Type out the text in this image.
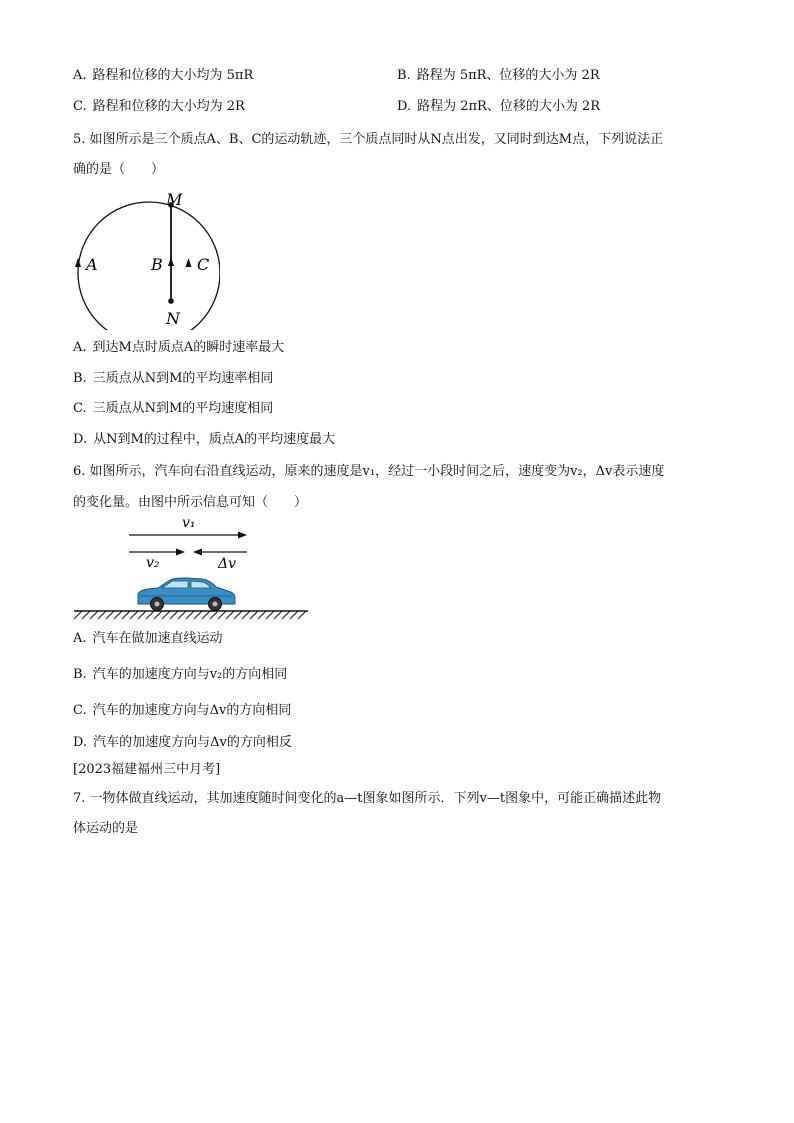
A. 路程和位移的大小均为 5πR	B. 路程为 5πR、位移的大小为 2R
C. 路程和位移的大小均为 2R	D. 路程为 2πR、位移的大小为 2R
5. 如图所示是三个质点A、B、C的运动轨迹，三个质点同时从N点出发，又同时到达M点，下列说法正
确的是（　　）
M
N
A	B C
A. 到达M点时质点A的瞬时速率最大
B. 三质点从N到M的平均速率相同
C. 三质点从N到M的平均速度相同
D. 从N到M的过程中，质点A的平均速度最大
6. 如图所示，汽车向右沿直线运动，原来的速度是v₁，经过一小段时间之后，速度变为v₂，Δv表示速度
的变化量。由图中所示信息可知（　　）
v₁
v₂	Δv
A. 汽车在做加速直线运动
B. 汽车的加速度方向与v₂的方向相同
C. 汽车的加速度方向与Δv的方向相同
D. 汽车的加速度方向与Δv的方向相反
[2023福建福州三中月考]
7. 一物体做直线运动，其加速度随时间变化的a—t图象如图所示．下列v—t图象中，可能正确描述此物
体运动的是
